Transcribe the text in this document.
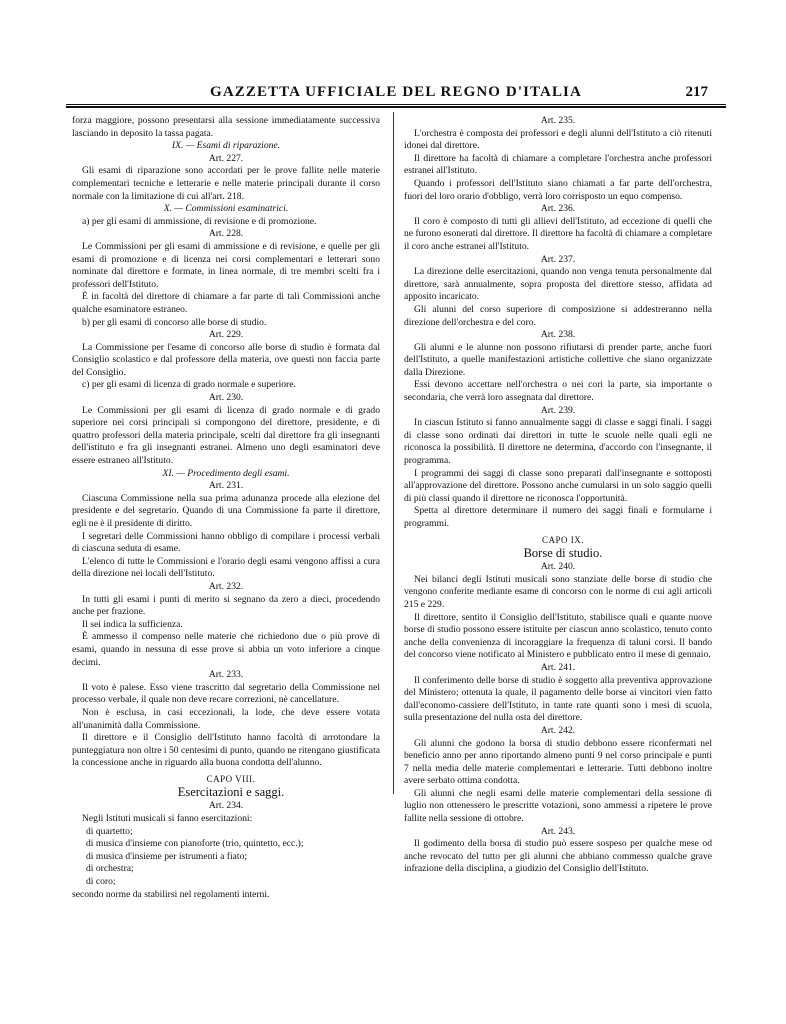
GAZZETTA UFFICIALE DEL REGNO D'ITALIA	217

forza maggiore, possono presentarsi alla sessione immediatamente successiva lasciando in deposito la tassa pagata.

IX. — Esami di riparazione.

Art. 227.

Gli esami di riparazione sono accordati per le prove fallite nelle materie complementari tecniche e letterarie e nelle materie principali durante il corso normale con la limitazione di cui all'art. 218.

X. — Commissioni esaminatrici.

a) per gli esami di ammissione, di revisione e di promozione.

Art. 228.

Le Commissioni per gli esami di ammissione e di revisione, e quelle per gli esami di promozione e di licenza nei corsi complementari e letterari sono nominate dal direttore e formate, in linea normale, di tre membri scelti fra i professori dell'Istituto.

È in facoltà del direttore di chiamare a far parte di tali Commissioni anche qualche esaminatore estraneo.

b) per gli esami di concorso alle borse di studio.

Art. 229.

La Commissione per l'esame di concorso alle borse di studio è formata dal Consiglio scolastico e dal professore della materia, ove questi non faccia parte del Consiglio.

c) per gli esami di licenza di grado normale e superiore.

Art. 230.

Le Commissioni per gli esami di licenza di grado normale e di grado superiore nei corsi principali si compongono del direttore, presidente, e di quattro professori della materia principale, scelti dal direttore fra gli insegnanti dell'istituto e fra gli insegnanti estranei. Almeno uno degli esaminatori deve essere estraneo all'Istituto.

XI. — Procedimento degli esami.

Art. 231.

Ciascuna Commissione nella sua prima adunanza procede alla elezione del presidente e del segretario. Quando di una Commissione fa parte il direttore, egli ne è il presidente di diritto.

I segretari delle Commissioni hanno obbligo di compilare i processi verbali di ciascuna seduta di esame.

L'elenco di tutte le Commissioni e l'orario degli esami vengono affissi a cura della direzione nei locali dell'Istituto.

Art. 232.

In tutti gli esami i punti di merito si segnano da zero a dieci, procedendo anche per frazione.

Il sei indica la sufficienza.

È ammesso il compenso nelle materie che richiedono due o più prove di esami, quando in nessuna di esse prove si abbia un voto inferiore a cinque decimi.

Art. 233.

Il voto è palese. Esso viene trascritto dal segretario della Commissione nel processo verbale, il quale non deve recare correzioni, nè cancellature.

Non è esclusa, in casi eccezionali, la lode, che deve essere votata all'unanimità dalla Commissione.

Il direttore e il Consiglio dell'Istituto hanno facoltà di arrotondare la punteggiatura non oltre i 50 centesimi di punto, quando ne ritengano giustificata la concessione anche in riguardo alla buona condotta dell'alunno.

CAPO VIII.

Esercitazioni e saggi.

Art. 234.

Negli Istituti musicali si fanno esercitazioni:

di quartetto;

di musica d'insieme con pianoforte (trio, quintetto, ecc.);

di musica d'insieme per istrumenti a fiato;

di orchestra;

di coro;

secondo norme da stabilirsi nel regolamenti interni.

Art. 235.

L'orchestra è composta dei professori e degli alunni dell'Istituto a ciò ritenuti idonei dal direttore.

Il direttore ha facoltà di chiamare a completare l'orchestra anche professori estranei all'Istituto.

Quando i professori dell'Istituto siano chiamati a far parte dell'orchestra, fuori del loro orario d'obbligo, verrà loro corrisposto un equo compenso.

Art. 236.

Il coro è composto di tutti gli allievi dell'Istituto, ad eccezione di quelli che ne furono esonerati dal direttore. Il direttore ha facoltà di chiamare a completare il coro anche estranei all'Istituto.

Art. 237.

La direzione delle esercitazioni, quando non venga tenuta personalmente dal direttore, sarà annualmente, sopra proposta del direttore stesso, affidata ad apposito incaricato.

Gli alunni del corso superiore di composizione si addestreranno nella direzione dell'orchestra e del coro.

Art. 238.

Gli alunni e le alunne non possono rifiutarsi di prender parte, anche fuori dell'Istituto, a quelle manifestazioni artistiche collettive che siano organizzate dalla Direzione.

Essi devono accettare nell'orchestra o nei cori la parte, sia importante o secondaria, che verrà loro assegnata dal direttore.

Art. 239.

In ciascun Istituto si fanno annualmente saggi di classe e saggi finali. I saggi di classe sono ordinati dai direttori in tutte le scuole nelle quali egli ne riconosca la possibilità. Il direttore ne determina, d'accordo con l'insegnante, il programma.

I programmi dei saggi di classe sono preparati dall'insegnante e sottoposti all'approvazione del direttore. Possono anche cumularsi in un solo saggio quelli di più classi quando il direttore ne riconosca l'opportunità.

Spetta al direttore determinare il numero dei saggi finali e formularne i programmi.

CAPO IX.

Borse di studio.

Art. 240.

Nei bilanci degli Istituti musicali sono stanziate delle borse di studio che vengono conferite mediante esame di concorso con le norme di cui agli articoli 215 e 229.

Il direttore, sentito il Consiglio dell'Istituto, stabilisce quali e quante nuove borse di studio possono essere istituite per ciascun anno scolastico, tenuto conto anche della convenienza di incoraggiare la frequenza di taluni corsi. Il bando del concorso viene notificato al Ministero e pubblicato entro il mese di gennaio.

Art. 241.

Il conferimento delle borse di studio è soggetto alla preventiva approvazione del Ministero; ottenuta la quale, il pagamento delle borse ai vincitori vien fatto dall'economo-cassiere dell'Istituto, in tante rate quanti sono i mesi di scuola, sulla presentazione del nulla osta del direttore.

Art. 242.

Gli alunni che godono la borsa di studio debbono essere riconfermati nel beneficio anno per anno riportando almeno punti 9 nel corso principale e punti 7 nella media delle materie complementari e letterarie. Tutti debbono inoltre avere serbato ottima condotta.

Gli alunni che negli esami delle materie complementari della sessione di luglio non ottenessero le prescritte votazioni, sono ammessi a ripetere le prove fallite nella sessione di ottobre.

Art. 243.

Il godimento della borsa di studio può essere sospeso per qualche mese od anche revocato del tutto per gli alunni che abbiano commesso qualche grave infrazione della disciplina, a giudizio del Consiglio dell'Istituto.
